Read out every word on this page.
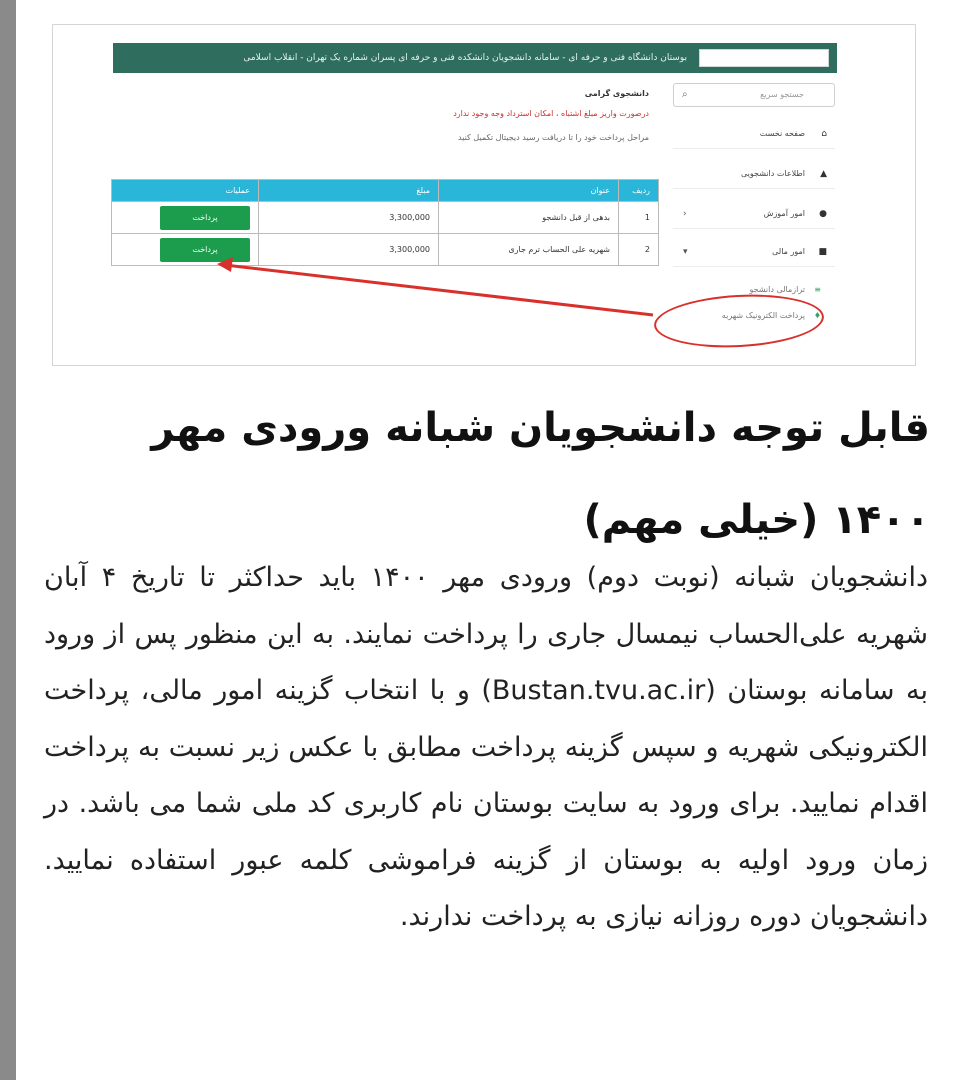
بوستان دانشگاه فنی و حرفه ای - سامانه دانشجویان دانشکده فنی و حرفه ای پسران شماره یک تهران - انقلاب اسلامی
جستجو سریع
⌕
⌂
صفحه نخست
▲
اطلاعات دانشجویی
●
امور آموزش
‹
■
امور مالی
▾
≡
ترازمالی دانشجو
♦
پرداخت الکترونیک شهریه
دانشجوی گرامی
درصورت واریز مبلغ اشتباه ، امکان استرداد وجه وجود ندارد
مراحل پرداخت خود را تا دریافت رسید دیجیتال تکمیل کنید
ردیف	عنوان	مبلغ	عملیات
1	بدهی از قبل دانشجو	3,300,000	پرداخت
2	شهریه علی الحساب ترم جاری	3,300,000	پرداخت
قابل توجه دانشجویان شبانه ورودی مهر ۱۴۰۰ (خیلی مهم)
دانشجویان شبانه (نوبت دوم) ورودی مهر ۱۴۰۰ باید حداکثر تا تاریخ ۴ آبان شهریه علی‌الحساب نیمسال جاری را پرداخت نمایند. به این منظور پس از ورود به سامانه بوستان (Bustan.tvu.ac.ir) و با انتخاب گزینه امور مالی، پرداخت الکترونیکی شهریه و سپس گزینه پرداخت مطابق با عکس زیر نسبت به پرداخت اقدام نمایید. برای ورود به سایت بوستان نام کاربری کد ملی شما می باشد. در زمان ورود اولیه به بوستان از گزینه فراموشی کلمه عبور استفاده نمایید. دانشجویان دوره روزانه نیازی به پرداخت ندارند.
